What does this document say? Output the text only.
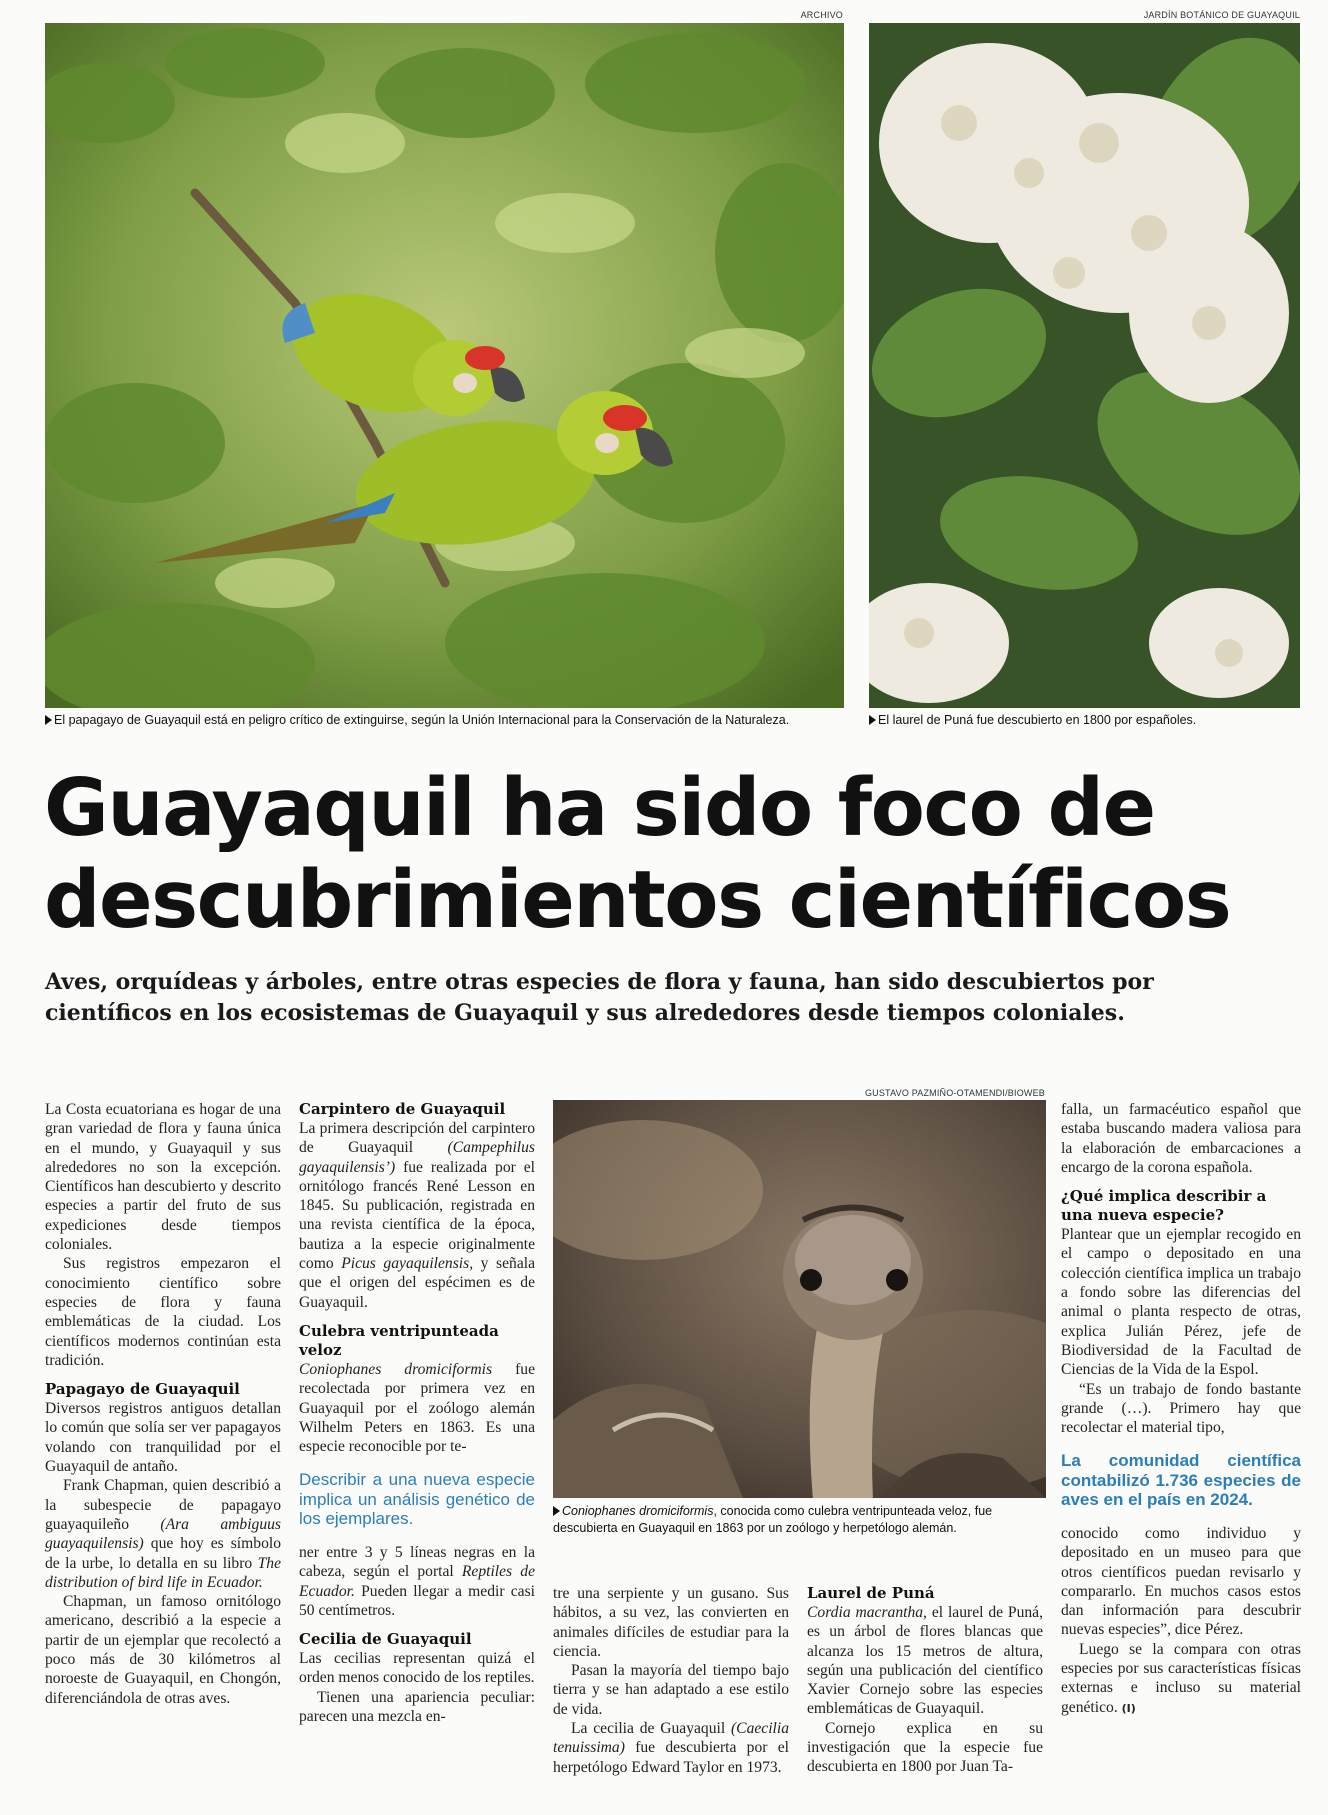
ARCHIVO	JARDÍN BOTÁNICO DE GUAYAQUIL
El papagayo de Guayaquil está en peligro crítico de extinguirse, según la Unión Internacional para la Conservación de la Naturaleza.	El laurel de Puná fue descubierto en 1800 por españoles.
Guayaquil ha sido foco de
descubrimientos científicos
Aves, orquídeas y árboles, entre otras especies de flora y fauna, han sido descubiertos por
científicos en los ecosistemas de Guayaquil y sus alrededores desde tiempos coloniales.

La Costa ecuatoriana es hogar de una gran variedad de flora y fauna única en el mundo, y Guayaquil y sus alrededores no son la excepción. Científicos han descubierto y descrito especies a partir del fruto de sus expediciones desde tiempos coloniales.

Sus registros empezaron el conocimiento científico sobre especies de flora y fauna emblemáticas de la ciudad. Los científicos modernos continúan esta tradición.

Papagayo de Guayaquil

Diversos registros antiguos detallan lo común que solía ser ver papagayos volando con tranquilidad por el Guayaquil de antaño.

Frank Chapman, quien describió a la subespecie de papagayo guayaquileño (Ara ambiguus guayaquilensis) que hoy es símbolo de la urbe, lo detalla en su libro The distribution of bird life in Ecuador.

Chapman, un famoso ornitólogo americano, describió a la especie a partir de un ejemplar que recolectó a poco más de 30 kilómetros al noroeste de Guayaquil, en Chongón, diferenciándola de otras aves.

Carpintero de Guayaquil

La primera descripción del carpintero de Guayaquil (Campephilus gayaquilensis’) fue realizada por el ornitólogo francés René Lesson en 1845. Su publicación, registrada en una revista científica de la época, bautiza a la especie originalmente como Picus gayaquilensis, y señala que el origen del espécimen es de Guayaquil.

Culebra ventripunteada veloz

Coniophanes dromiciformis fue recolectada por primera vez en Guayaquil por el zoólogo alemán Wilhelm Peters en 1863. Es una especie reconocible por te-

Describir a una nueva especie implica un análisis genético de los ejemplares.

ner entre 3 y 5 líneas negras en la cabeza, según el portal Reptiles de Ecuador. Pueden llegar a medir casi 50 centímetros.

Cecilia de Guayaquil

Las cecilias representan quizá el orden menos conocido de los reptiles.

Tienen una apariencia peculiar: parecen una mezcla en-

GUSTAVO PAZMIÑO-OTAMENDI/BIOWEB
Coniophanes dromiciformis, conocida como culebra ventripunteada veloz, fue descubierta en Guayaquil en 1863 por un zoólogo y herpetólogo alemán.

tre una serpiente y un gusano. Sus hábitos, a su vez, las convierten en animales difíciles de estudiar para la ciencia.

Pasan la mayoría del tiempo bajo tierra y se han adaptado a ese estilo de vida.

La cecilia de Guayaquil (Caecilia tenuissima) fue descubierta por el herpetólogo Edward Taylor en 1973.

Laurel de Puná

Cordia macrantha, el laurel de Puná, es un árbol de flores blancas que alcanza los 15 metros de altura, según una publicación del científico Xavier Cornejo sobre las especies emblemáticas de Guayaquil.

Cornejo explica en su investigación que la especie fue descubierta en 1800 por Juan Ta-

falla, un farmacéutico español que estaba buscando madera valiosa para la elaboración de embarcaciones a encargo de la corona española.

¿Qué implica describir a una nueva especie?

Plantear que un ejemplar recogido en el campo o depositado en una colección científica implica un trabajo a fondo sobre las diferencias del animal o planta respecto de otras, explica Julián Pérez, jefe de Biodiversidad de la Facultad de Ciencias de la Vida de la Espol.

“Es un trabajo de fondo bastante grande (…). Primero hay que recolectar el material tipo,

La comunidad científica contabilizó 1.736 especies de aves en el país en 2024.

conocido como individuo y depositado en un museo para que otros científicos puedan revisarlo y compararlo. En muchos casos estos dan información para descubrir nuevas especies”, dice Pérez.

Luego se la compara con otras especies por sus características físicas externas e incluso su material genético. (I)
